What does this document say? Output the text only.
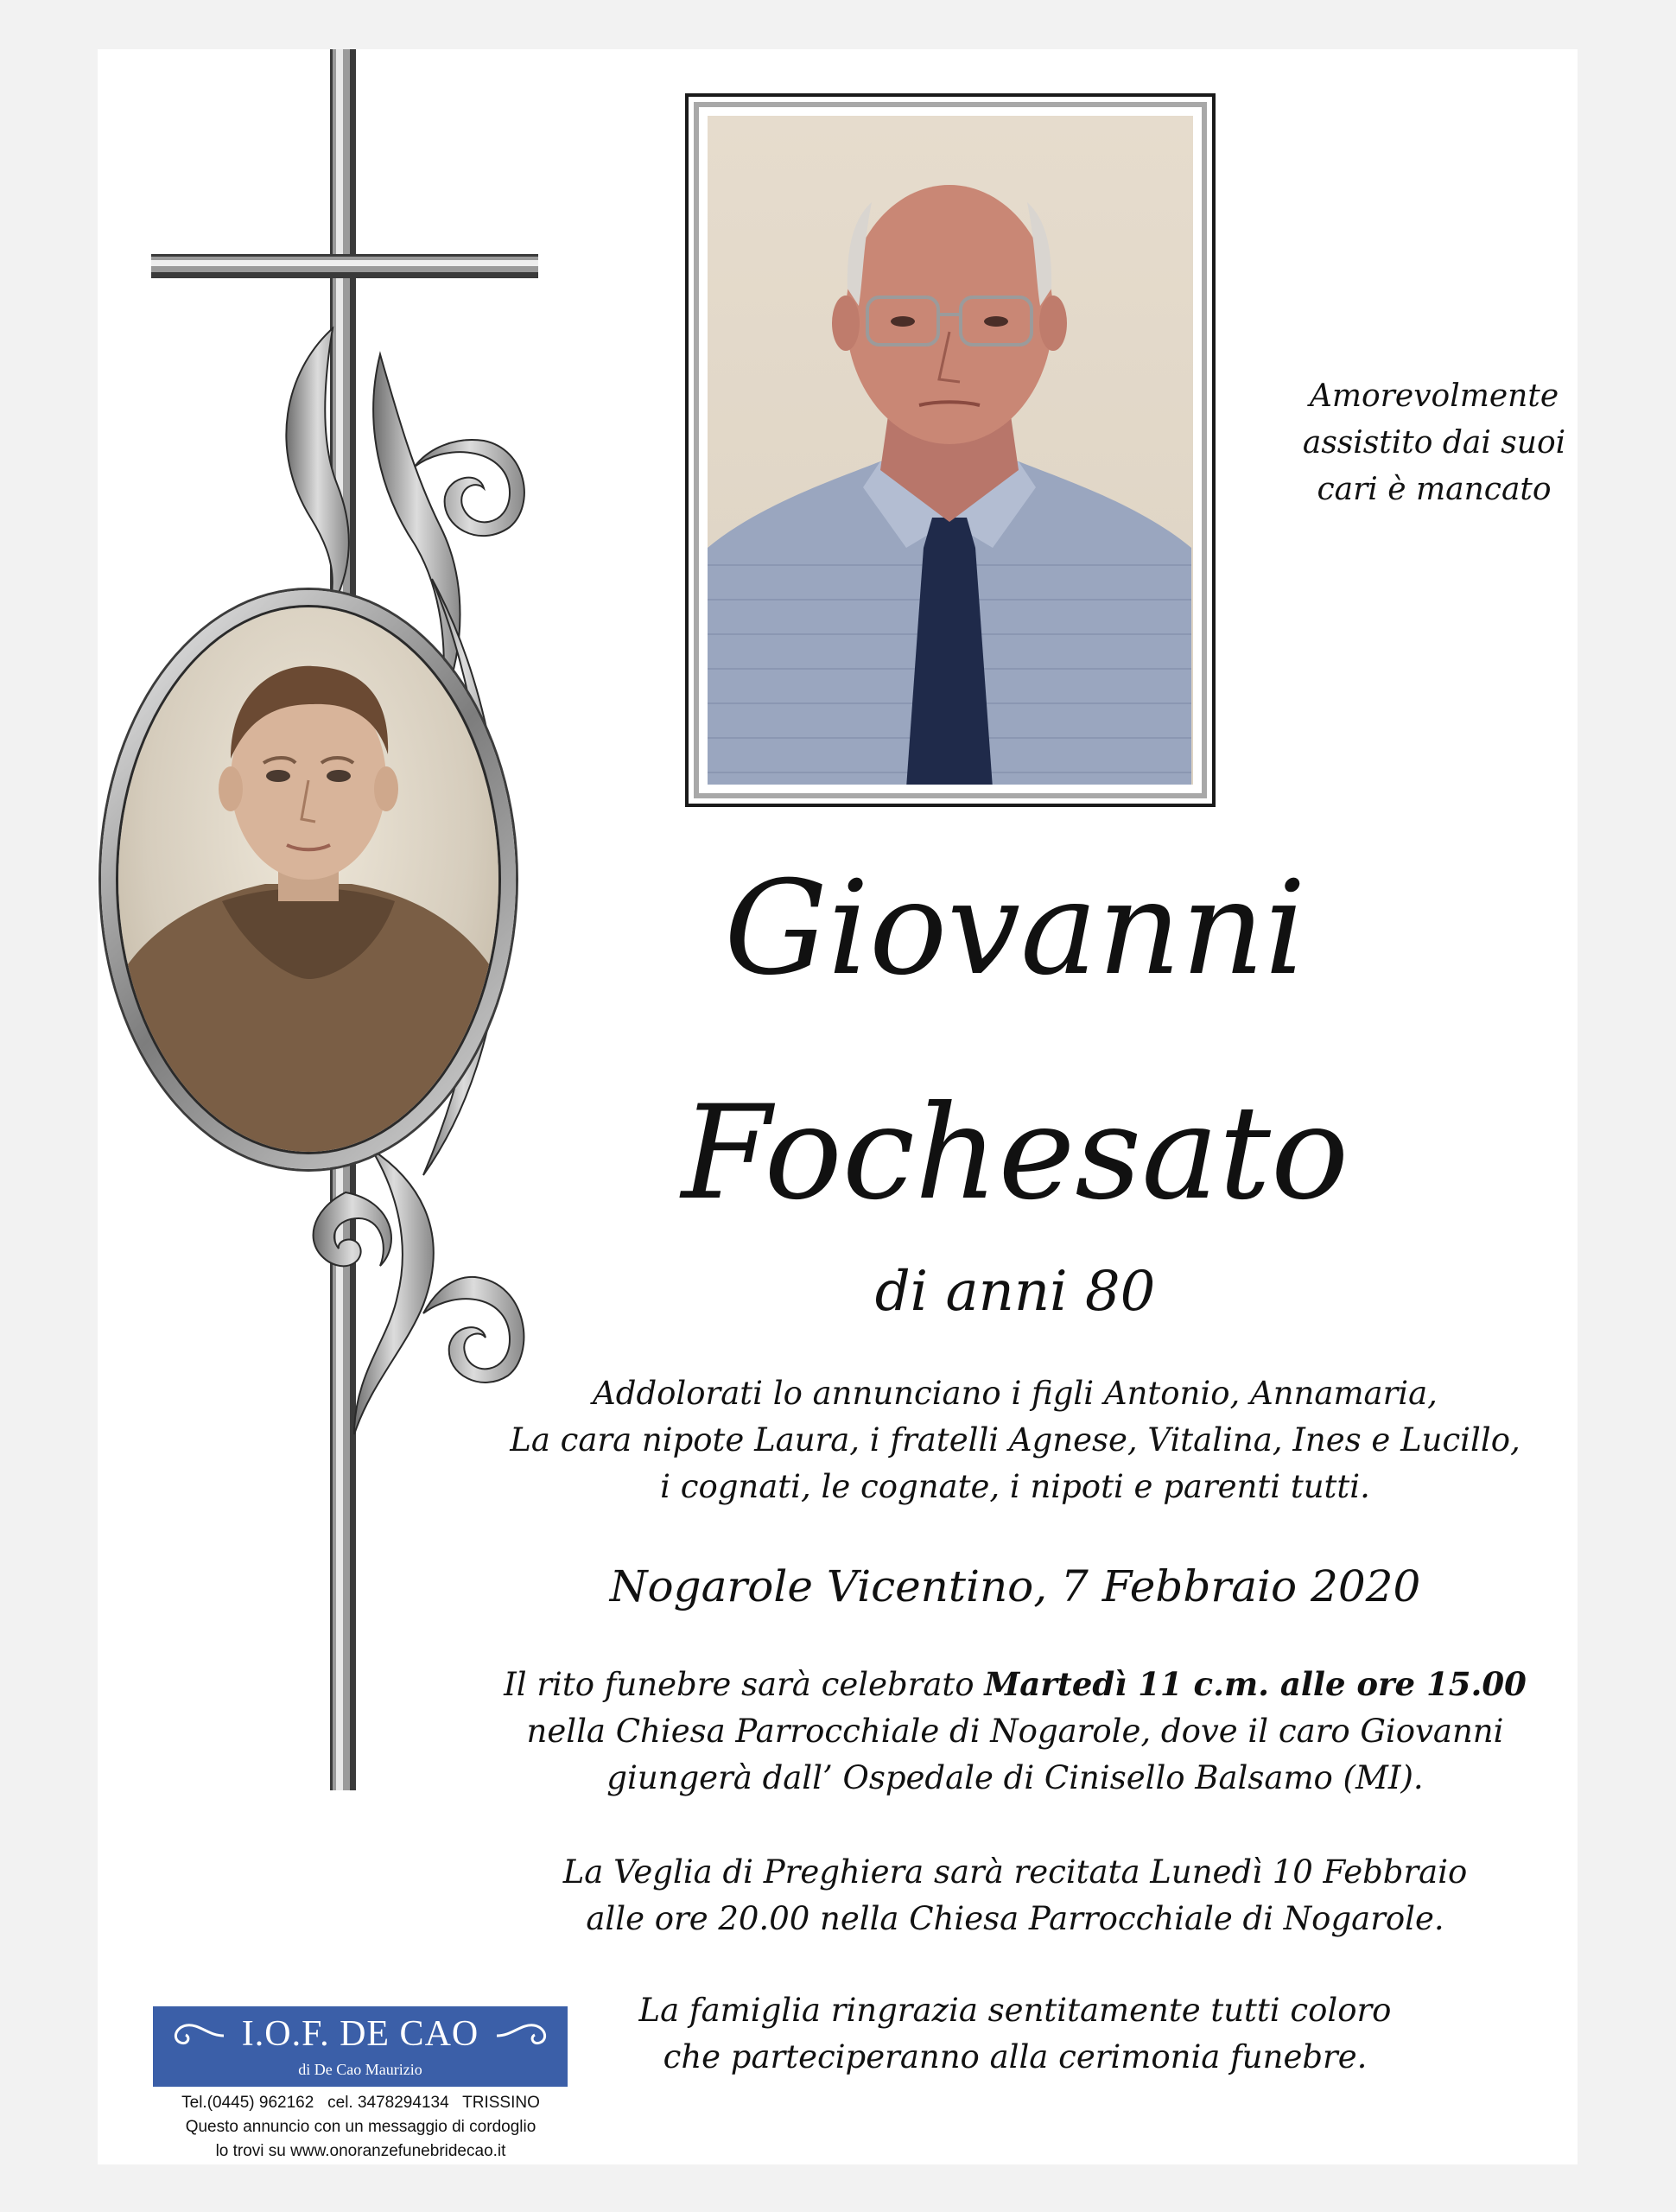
Amorevolmente assistito dai suoi cari è mancato
Giovanni
Fochesato
di anni 80
Addolorati lo annunciano i figli Antonio, Annamaria,
La cara nipote Laura, i fratelli Agnese, Vitalina, Ines e Lucillo,
i cognati, le cognate, i nipoti e parenti tutti.
Nogarole Vicentino, 7 Febbraio 2020
Il rito funebre sarà celebrato Martedì 11 c.m. alle ore 15.00
nella Chiesa Parrocchiale di Nogarole, dove il caro Giovanni
giungerà dall’ Ospedale di Cinisello Balsamo (MI).
La Veglia di Preghiera sarà recitata Lunedì 10 Febbraio
alle ore 20.00 nella Chiesa Parrocchiale di Nogarole.
La famiglia ringrazia sentitamente tutti coloro
che parteciperanno alla cerimonia funebre.
I.O.F. DE CAO
di De Cao Maurizio
Tel.(0445) 962162   cel. 3478294134   TRISSINO
Questo annuncio con un messaggio di cordoglio
lo trovi su www.onoranzefunebridecao.it
